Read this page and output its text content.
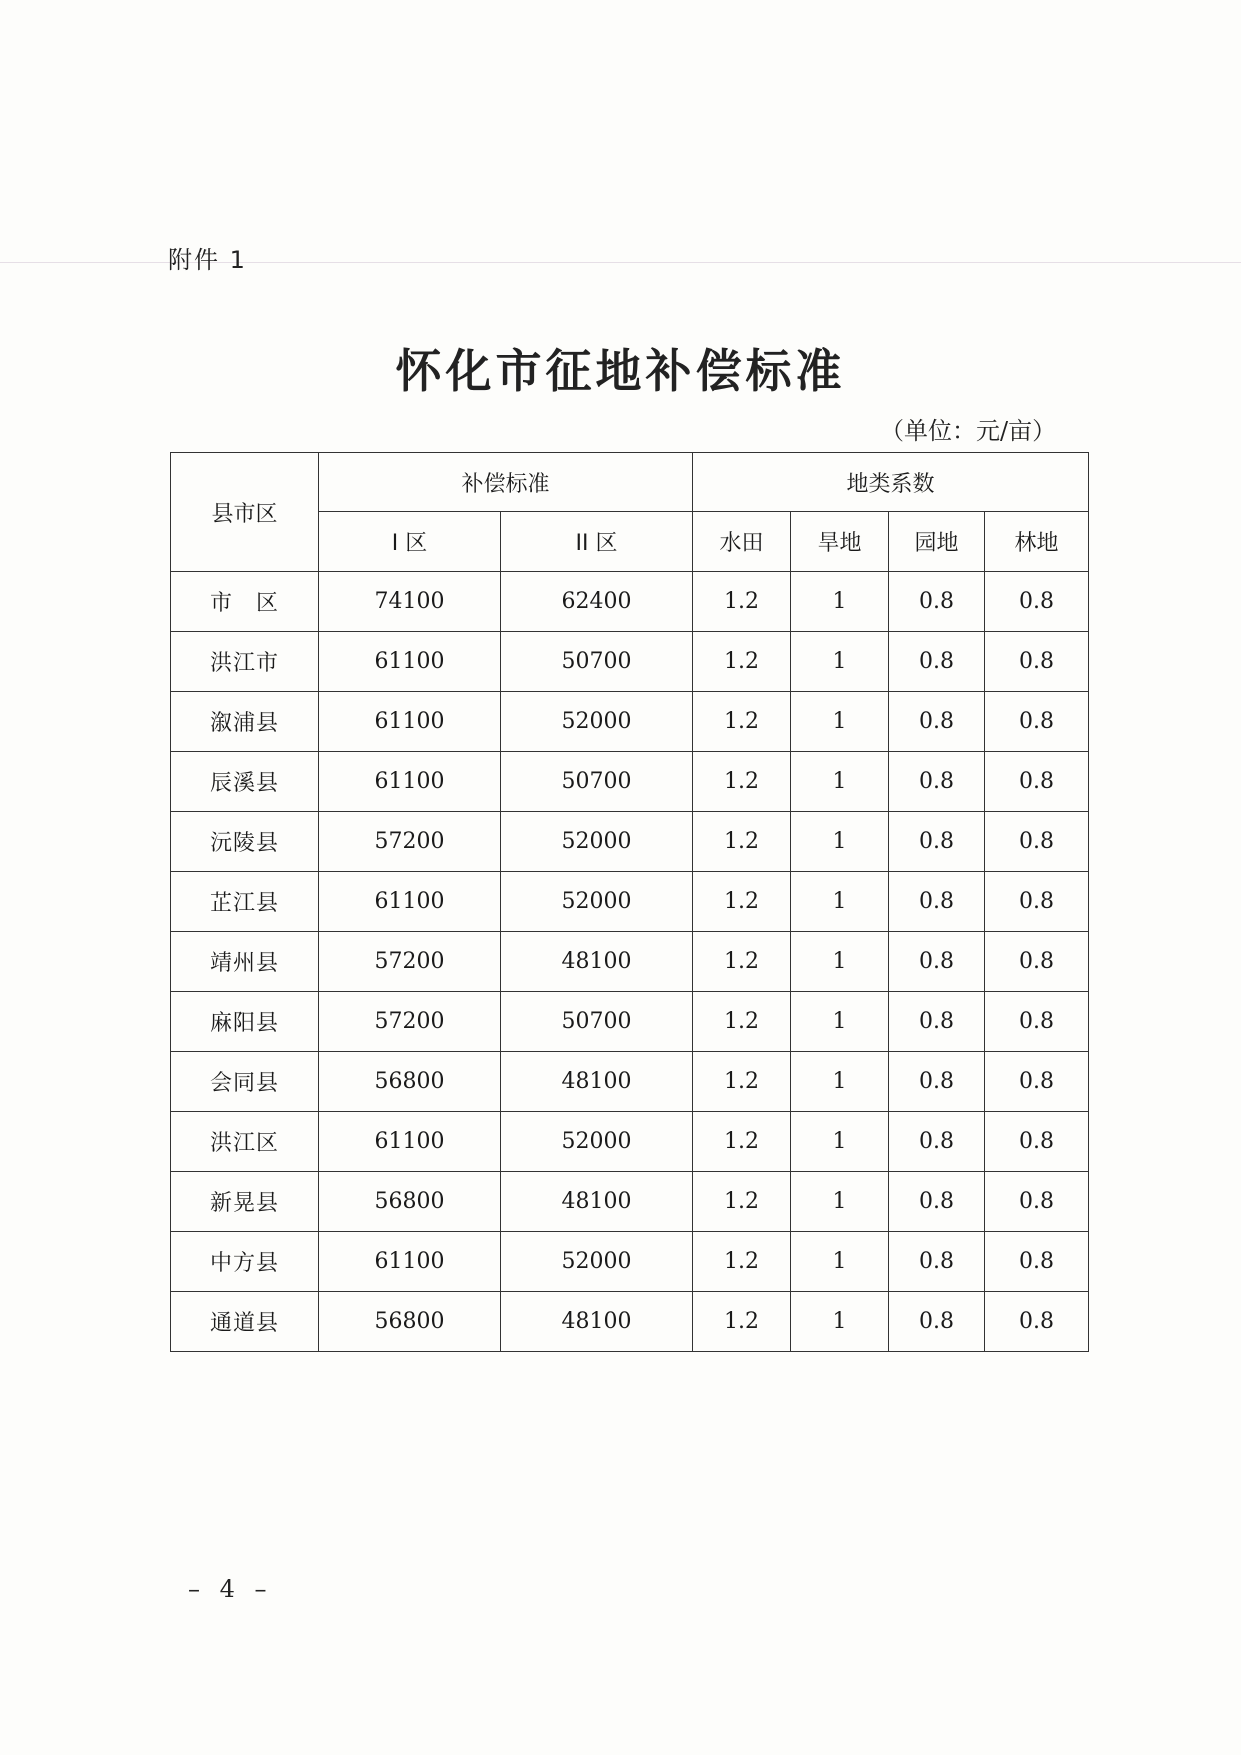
附件 1
怀化市征地补偿标准
（单位：元/亩）
县市区	补偿标准		地类系数			
	I 区	II 区	水田	旱地	园地	林地
市　区	74100	62400	1.2	1	0.8	0.8
洪江市	61100	50700	1.2	1	0.8	0.8
溆浦县	61100	52000	1.2	1	0.8	0.8
辰溪县	61100	50700	1.2	1	0.8	0.8
沅陵县	57200	52000	1.2	1	0.8	0.8
芷江县	61100	52000	1.2	1	0.8	0.8
靖州县	57200	48100	1.2	1	0.8	0.8
麻阳县	57200	50700	1.2	1	0.8	0.8
会同县	56800	48100	1.2	1	0.8	0.8
洪江区	61100	52000	1.2	1	0.8	0.8
新晃县	56800	48100	1.2	1	0.8	0.8
中方县	61100	52000	1.2	1	0.8	0.8
通道县	56800	48100	1.2	1	0.8	0.8
– 4 –
